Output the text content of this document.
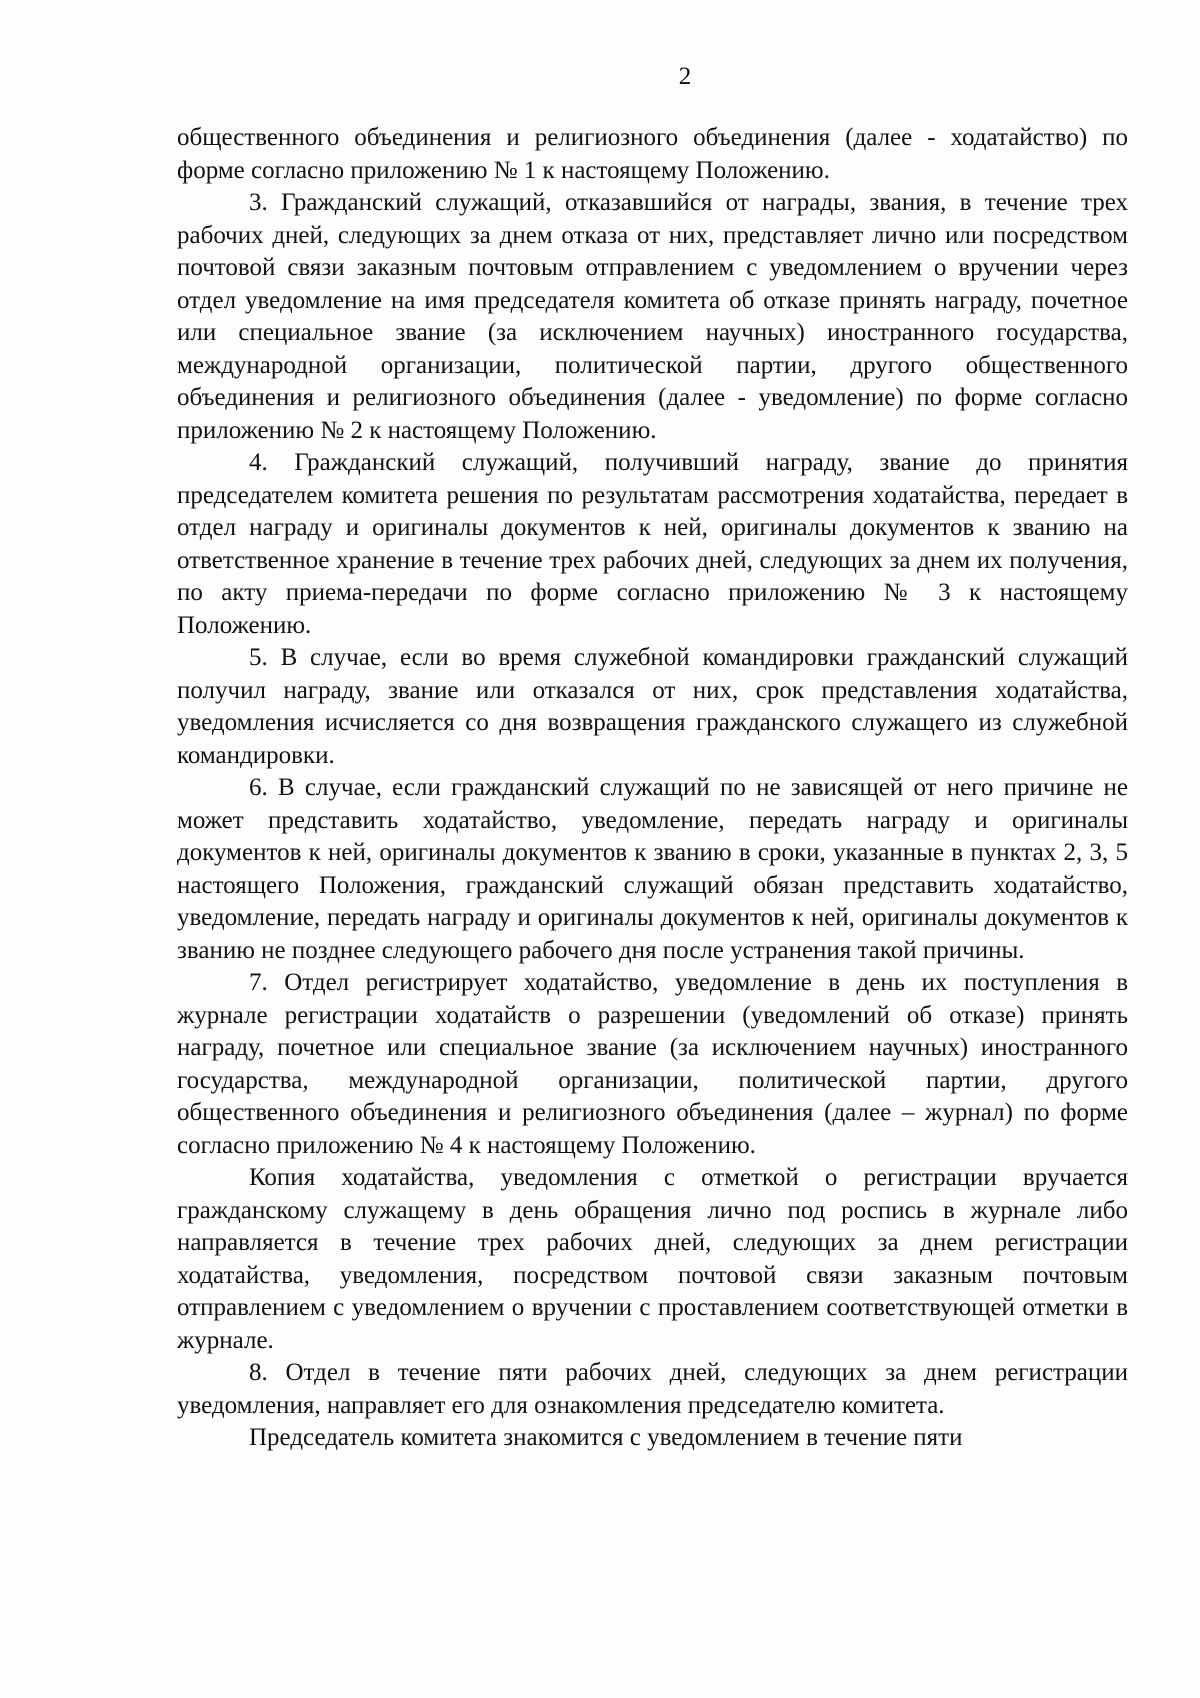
2

общественного объединения и религиозного объединения (далее - ходатайство) по форме согласно приложению № 1 к настоящему Положению.

3. Гражданский служащий, отказавшийся от награды, звания, в течение трех рабочих дней, следующих за днем отказа от них, представляет лично или посредством почтовой связи заказным почтовым отправлением с уведомлением о вручении через отдел уведомление на имя председателя комитета об отказе принять награду, почетное или специальное звание (за исключением научных) иностранного государства, международной организации, политической партии, другого общественного объединения и религиозного объединения (далее - уведомление) по форме согласно приложению № 2 к настоящему Положению.

4. Гражданский служащий, получивший награду, звание до принятия председателем комитета решения по результатам рассмотрения ходатайства, передает в отдел награду и оригиналы документов к ней, оригиналы документов к званию на ответственное хранение в течение трех рабочих дней, следующих за днем их получения, по акту приема-передачи по форме согласно приложению № 3 к настоящему Положению.

5. В случае, если во время служебной командировки гражданский служащий получил награду, звание или отказался от них, срок представления ходатайства, уведомления исчисляется со дня возвращения гражданского служащего из служебной командировки.

6. В случае, если гражданский служащий по не зависящей от него причине не может представить ходатайство, уведомление, передать награду и оригиналы документов к ней, оригиналы документов к званию в сроки, указанные в пунктах 2, 3, 5 настоящего Положения, гражданский служащий обязан представить ходатайство, уведомление, передать награду и оригиналы документов к ней, оригиналы документов к званию не позднее следующего рабочего дня после устранения такой причины.

7. Отдел регистрирует ходатайство, уведомление в день их поступления в журнале регистрации ходатайств о разрешении (уведомлений об отказе) принять награду, почетное или специальное звание (за исключением научных) иностранного государства, международной организации, политической партии, другого общественного объединения и религиозного объединения (далее – журнал) по форме согласно приложению № 4 к настоящему Положению.

Копия ходатайства, уведомления с отметкой о регистрации вручается гражданскому служащему в день обращения лично под роспись в журнале либо направляется в течение трех рабочих дней, следующих за днем регистрации ходатайства, уведомления, посредством почтовой связи заказным почтовым отправлением с уведомлением о вручении с проставлением соответствующей отметки в журнале.

8. Отдел в течение пяти рабочих дней, следующих за днем регистрации уведомления, направляет его для ознакомления председателю комитета.

Председатель комитета знакомится с уведомлением в течение пяти
